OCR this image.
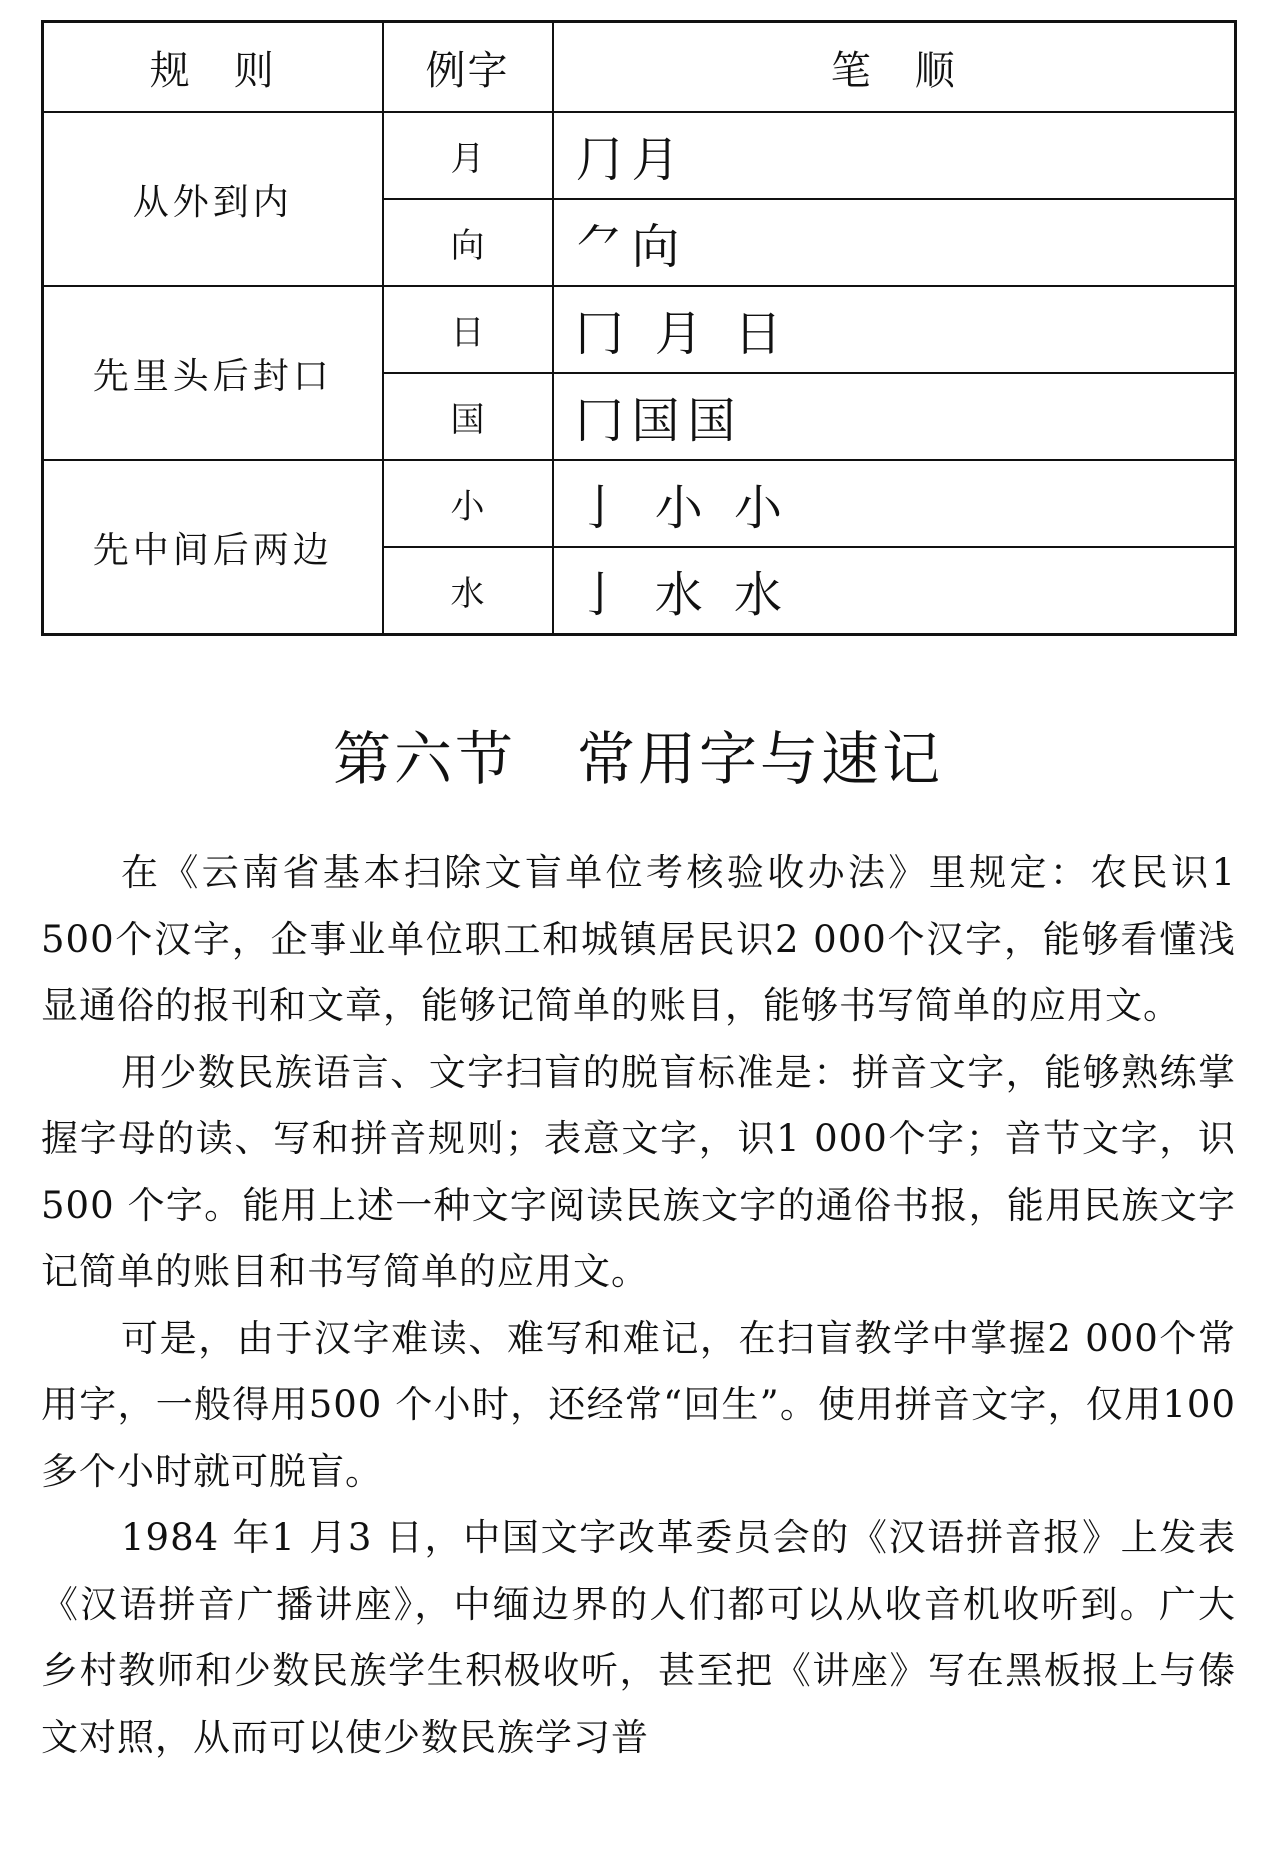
规　则	例字	笔　顺
从外到内	月	⺆月
	向	⺈向
先里头后封口	日	冂 月 日
	国	冂国国
先中间后两边	小	亅 小 小
	水	亅 水 水
第六节　常用字与速记

在《云南省基本扫除文盲单位考核验收办法》里规定：农民识1 500个汉字，企事业单位职工和城镇居民识2 000个汉字，能够看懂浅显通俗的报刊和文章，能够记简单的账目，能够书写简单的应用文。

用少数民族语言、文字扫盲的脱盲标准是：拼音文字，能够熟练掌握字母的读、写和拼音规则；表意文字，识1 000个字；音节文字，识500 个字。能用上述一种文字阅读民族文字的通俗书报，能用民族文字记简单的账目和书写简单的应用文。

可是，由于汉字难读、难写和难记，在扫盲教学中掌握2 000个常用字，一般得用500 个小时，还经常“回生”。使用拼音文字，仅用100 多个小时就可脱盲。

1984 年1 月3 日，中国文字改革委员会的《汉语拼音报》上发表《汉语拼音广播讲座》，中缅边界的人们都可以从收音机收听到。广大乡村教师和少数民族学生积极收听，甚至把《讲座》写在黑板报上与傣文对照，从而可以使少数民族学习普
